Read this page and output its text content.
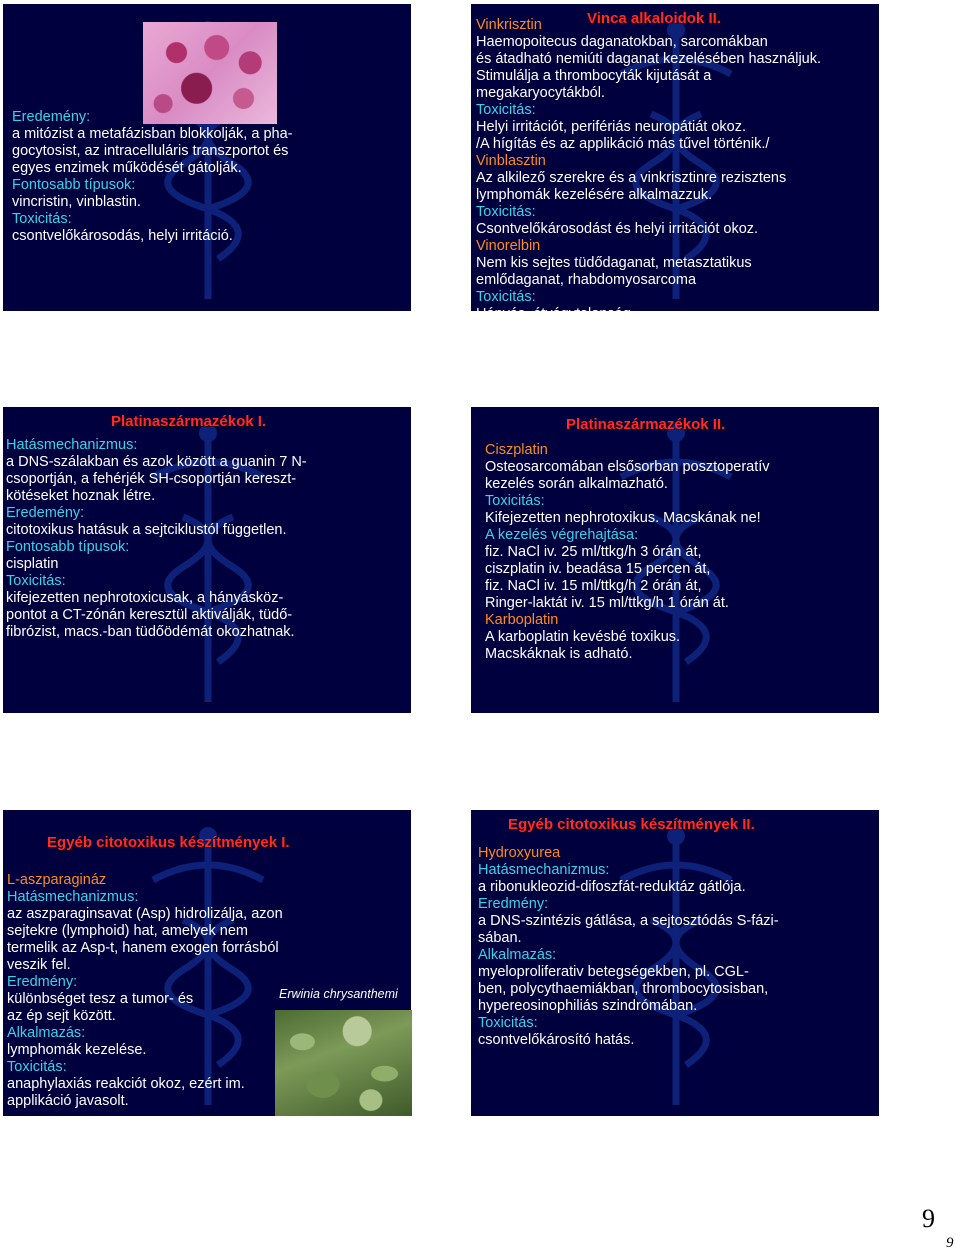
Eredemény:
a mitózist a metafázisban blokkolják, a pha-
gocytosist, az intracelluláris transzportot és
egyes enzimek működését gátolják.
Fontosabb típusok:
vincristin, vinblastin.
Toxicitás:
csontvelőkárosodás, helyi irritáció.
Vinca alkaloidok II.
Vinkrisztin
Haemopoitecus daganatokban, sarcomákban
és átadható nemiúti daganat kezelésében használjuk.
Stimulálja a thrombocyták kijutását a
megakaryocytákból.
Toxicitás:
Helyi irritációt, perifériás neuropátiát okoz.
/A hígítás és az applikáció más tűvel történik./
Vinblasztin
Az alkilező szerekre és a vinkrisztinre rezisztens
lymphomák kezelésére alkalmazzuk.
Toxicitás:
Csontvelőkárosodást és helyi irritációt okoz.
Vinorelbin
Nem kis sejtes tüdődaganat, metasztatikus
emlődaganat, rhabdomyosarcoma
Toxicitás:
Hányás, étvágytalanság
Platinaszármazékok I.
Hatásmechanizmus:
a DNS-szálakban és azok között a guanin 7 N-
csoportján, a fehérjék SH-csoportján kereszt-
kötéseket hoznak létre.
Eredemény:
citotoxikus hatásuk a sejtciklustól független.
Fontosabb típusok:
cisplatin
Toxicitás:
kifejezetten nephrotoxicusak, a hányásköz-
pontot a CT-zónán keresztül aktiválják, tüdő-
fibrózist, macs.-ban tüdőödémát okozhatnak.
Platinaszármazékok II.
Ciszplatin
Osteosarcomában elsősorban posztoperatív
kezelés során alkalmazható.
Toxicitás:
Kifejezetten nephrotoxikus. Macskának ne!
A kezelés végrehajtása:
fiz. NaCl iv. 25 ml/ttkg/h 3 órán át,
ciszplatin iv. beadása 15 percen át,
fiz. NaCl iv. 15 ml/ttkg/h 2 órán át,
Ringer-laktát iv. 15 ml/ttkg/h 1 órán át.
Karboplatin
A karboplatin kevésbé toxikus.
Macskáknak is adható.
Egyéb citotoxikus készítmények I.
Erwinia chrysanthemi
L-aszparagináz
Hatásmechanizmus:
az aszparaginsavat (Asp) hidrolizálja, azon
sejtekre (lymphoid) hat, amelyek nem
termelik az Asp-t, hanem exogen forrásból
veszik fel.
Eredmény:
különbséget tesz a tumor- és
az ép sejt között.
Alkalmazás:
lymphomák kezelése.
Toxicitás:
anaphylaxiás reakciót okoz, ezért im.
applikáció javasolt.
Egyéb citotoxikus készítmények II.
Hydroxyurea
Hatásmechanizmus:
a ribonukleozid-difoszfát-reduktáz gátlója.
Eredmény:
a DNS-szintézis gátlása, a sejtosztódás S-fázi-
sában.
Alkalmazás:
myeloproliferativ betegségekben, pl. CGL-
ben, polycythaemiákban, thrombocytosisban,
hypereosinophiliás szindrómában.
Toxicitás:
csontvelőkárosító hatás.
9
9
